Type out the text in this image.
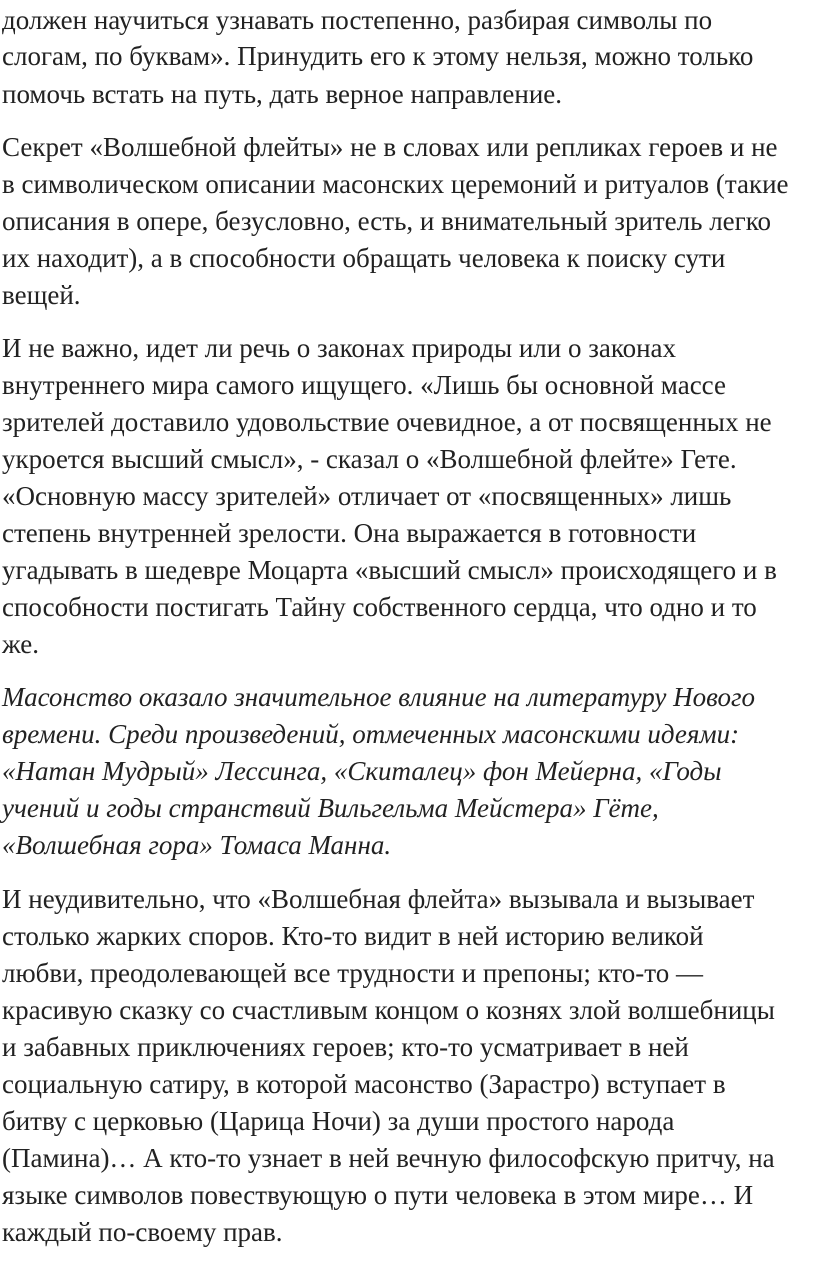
должен научиться узнавать постепенно, разбирая символы по
слогам, по буквам». Принудить его к этому нельзя, можно только
помочь встать на путь, дать верное направление.
Секрет «Волшебной флейты» не в словах или репликах героев и не
в символическом описании масонских церемоний и ритуалов (такие
описания в опере, безусловно, есть, и внимательный зритель легко
их находит), а в способности обращать человека к поиску сути
вещей.
И не важно, идет ли речь о законах природы или о законах
внутреннего мира самого ищущего. «Лишь бы основной массе
зрителей доставило удовольствие очевидное, а от посвященных не
укроется высший смысл», - сказал о «Волшебной флейте» Гете.
«Основную массу зрителей» отличает от «посвященных» лишь
степень внутренней зрелости. Она выражается в готовности
угадывать в шедевре Моцарта «высший смысл» происходящего и в
способности постигать Тайну собственного сердца, что одно и то
же.
Масонство оказало значительное влияние на литературу Нового
времени. Среди произведений, отмеченных масонскими идеями:
«Натан Мудрый» Лессинга, «Скиталец» фон Мейерна, «Годы
учений и годы странствий Вильгельма Мейстера» Гёте,
«Волшебная гора» Томаса Манна.
И неудивительно, что «Волшебная флейта» вызывала и вызывает
столько жарких споров. Кто-то видит в ней историю великой
любви, преодолевающей все трудности и препоны; кто-то —
красивую сказку со счастливым концом о кознях злой волшебницы
и забавных приключениях героев; кто-то усматривает в ней
социальную сатиру, в которой масонство (Зарастро) вступает в
битву с церковью (Царица Ночи) за души простого народа
(Памина)… А кто-то узнает в ней вечную философскую притчу, на
языке символов повествующую о пути человека в этом мире… И
каждый по-своему прав.
